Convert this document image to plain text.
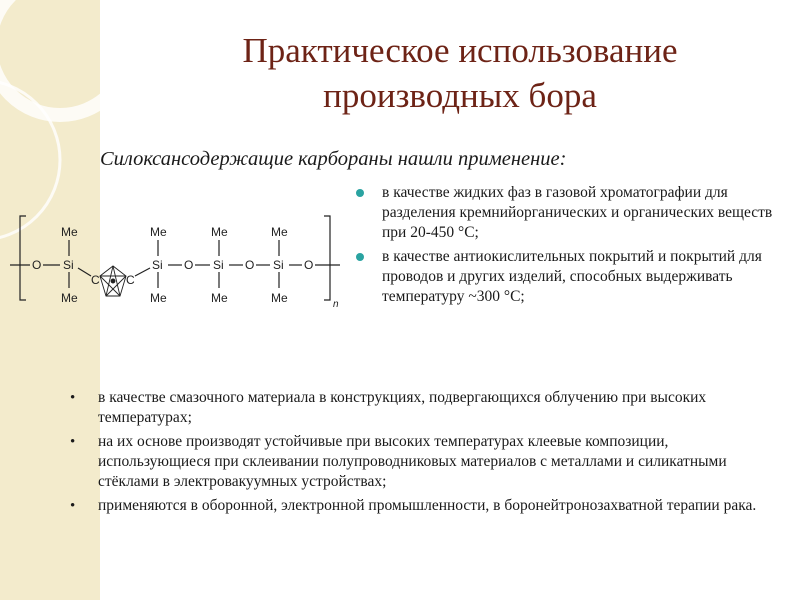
Практическое использование
производных бора
Силоксансодержащие карбораны нашли применение:
n
O Si
Me
Me
C C
Si
Me
Me
O Si
Me
Me
O Si
Me
Me
O
в качестве жидких фаз в газовой хроматографии для разделения кремнийорганических и органических веществ при 20-450 °С;
в качестве антиокислительных покрытий и покрытий для проводов и других изделий, способных выдерживать температуру ~300 °С;
• в качестве смазочного материала в конструкциях, подвергающихся облучению при высоких температурах;
• на их основе производят устойчивые при высоких температурах клеевые композиции, использующиеся при склеивании полупроводниковых материалов с металлами и силикатными стёклами в электровакуумных устройствах;
• применяются в оборонной, электронной промышленности, в боронейтронозахватной терапии рака.
